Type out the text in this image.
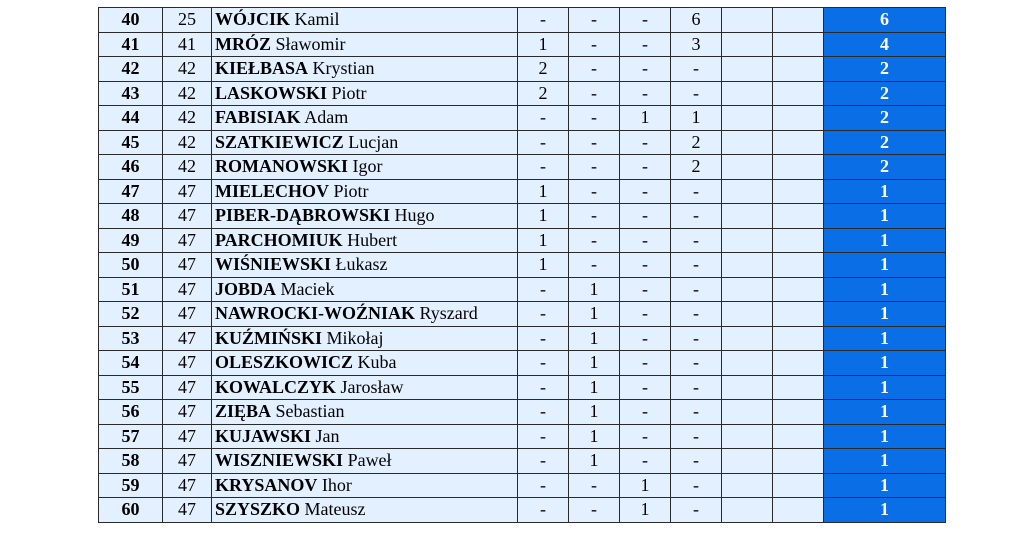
40	25	WÓJCIK Kamil	-	-	-	6			6
41	41	MRÓZ Sławomir	1	-	-	3			4
42	42	KIEŁBASA Krystian	2	-	-	-			2
43	42	LASKOWSKI Piotr	2	-	-	-			2
44	42	FABISIAK Adam	-	-	1	1			2
45	42	SZATKIEWICZ Lucjan	-	-	-	2			2
46	42	ROMANOWSKI Igor	-	-	-	2			2
47	47	MIELECHOV Piotr	1	-	-	-			1
48	47	PIBER-DĄBROWSKI Hugo	1	-	-	-			1
49	47	PARCHOMIUK Hubert	1	-	-	-			1
50	47	WIŚNIEWSKI Łukasz	1	-	-	-			1
51	47	JOBDA Maciek	-	1	-	-			1
52	47	NAWROCKI-WOŹNIAK Ryszard	-	1	-	-			1
53	47	KUŹMIŃSKI Mikołaj	-	1	-	-			1
54	47	OLESZKOWICZ Kuba	-	1	-	-			1
55	47	KOWALCZYK Jarosław	-	1	-	-			1
56	47	ZIĘBA Sebastian	-	1	-	-			1
57	47	KUJAWSKI Jan	-	1	-	-			1
58	47	WISZNIEWSKI Paweł	-	1	-	-			1
59	47	KRYSANOV Ihor	-	-	1	-			1
60	47	SZYSZKO Mateusz	-	-	1	-			1
